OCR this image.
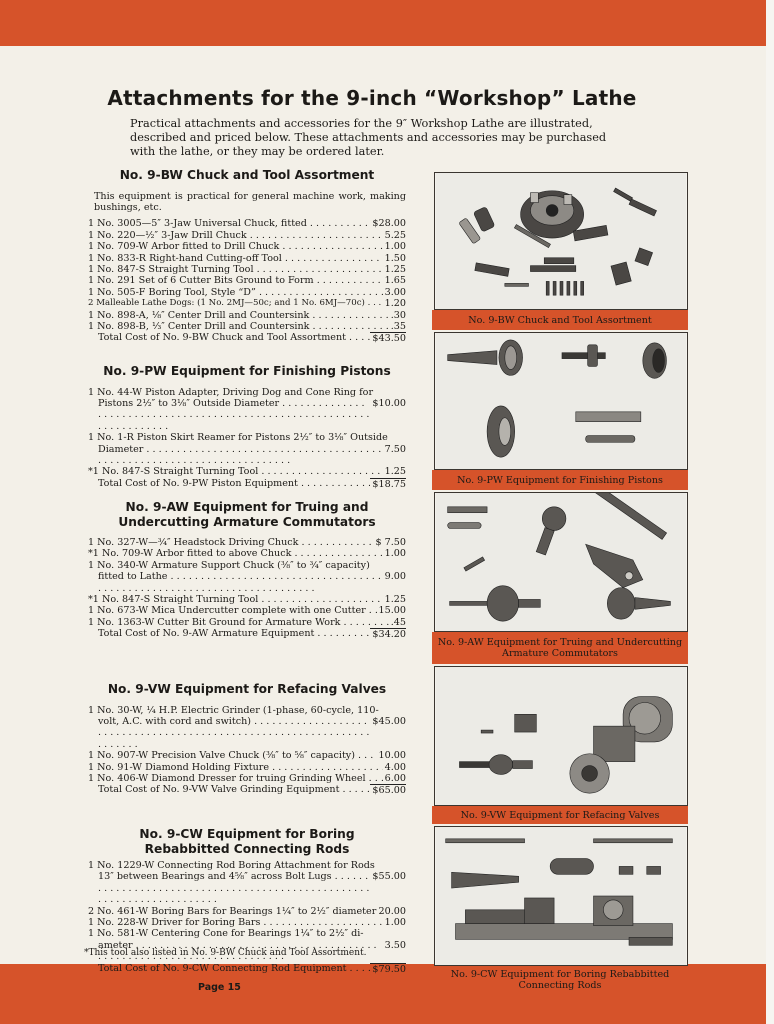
Attachments for the 9-inch “Workshop” Lathe

Practical attachments and accessories for the 9″ Workshop Lathe are illustrated, described and priced below. These attachments and accessories may be purchased with the lathe, or they may be ordered later.

No. 9-BW Chuck and Tool Assortment
This equipment is practical for general machine work, making bushings, etc.
1 No. 3005—5″ 3-Jaw Universal Chuck, fitted . . .	$28.00
1 No. 220—½″ 3-Jaw Drill Chuck . . .	5.25
1 No. 709-W Arbor fitted to Drill Chuck . . .	1.00
1 No. 833-R Right-hand Cutting-off Tool . . .	1.50
1 No. 847-S Straight Turning Tool . . .	1.25
1 No. 291 Set of 6 Cutter Bits Ground to Form . . .	1.65
1 No. 505-F Boring Tool, Style “D” . . .	3.00
2 Malleable Lathe Dogs: (1 No. 2MJ—50c; and 1 No. 6MJ—70c) . . .	1.20
1 No. 898-A, ⅛″ Center Drill and Countersink . . .	.30
1 No. 898-B, ⅓″ Center Drill and Countersink . . .	.35
Total Cost of No. 9-BW Chuck and Tool Assortment . . .	$43.50
No. 9-PW Equipment for Finishing Pistons
1 No. 44-W Piston Adapter, Driving Dog and Cone Ring for
Pistons 2½″ to 3⅛″ Outside Diameter . . .	$10.00
1 No. 1-R Piston Skirt Reamer for Pistons 2½″ to 3⅛″ Outside
Diameter . . .	7.50
*1 No. 847-S Straight Turning Tool . . .	1.25
Total Cost of No. 9-PW Piston Equipment . . .	$18.75
No. 9-AW Equipment for Truing and Undercutting Armature Commutators
1 No. 327-W—¾″ Headstock Driving Chuck . . .	$ 7.50
*1 No. 709-W Arbor fitted to above Chuck . . .	1.00
1 No. 340-W Armature Support Chuck (⅜″ to ¾″ capacity)
fitted to Lathe . . .	9.00
*1 No. 847-S Straight Turning Tool . . .	1.25
1 No. 673-W Mica Undercutter complete with one Cutter . . .	15.00
1 No. 1363-W Cutter Bit Ground for Armature Work . . .	.45
Total Cost of No. 9-AW Armature Equipment . . .	$34.20
No. 9-VW Equipment for Refacing Valves
1 No. 30-W, ¼ H.P. Electric Grinder (1-phase, 60-cycle, 110-
volt, A.C. with cord and switch) . . .	$45.00
1 No. 907-W Precision Valve Chuck (⅜″ to ⅝″ capacity) . . .	10.00
1 No. 91-W Diamond Holding Fixture . . .	4.00
1 No. 406-W Diamond Dresser for truing Grinding Wheel . . .	6.00
Total Cost of No. 9-VW Valve Grinding Equipment . . .	$65.00
No. 9-CW Equipment for Boring Rebabbitted Connecting Rods
1 No. 1229-W Connecting Rod Boring Attachment for Rods
13″ between Bearings and 4⅝″ across Bolt Lugs . . .	$55.00
2 No. 461-W Boring Bars for Bearings 1¼″ to 2½″ diameter . . . 20.00
1 No. 228-W Driver for Boring Bars . . .	1.00
1 No. 581-W Centering Cone for Bearings 1¼″ to 2½″ di-
ameter . . .	3.50
Total Cost of No. 9-CW Connecting Rod Equipment . . .	$79.50
No. 9-BW Chuck and Tool Assortment
No. 9-PW Equipment for Finishing Pistons
No. 9-AW Equipment for Truing and Undercutting Armature Commutators
No. 9-VW Equipment for Refacing Valves
No. 9-CW Equipment for Boring Rebabbitted Connecting Rods
*This tool also listed in No. 9-BW Chuck and Tool Assortment.
Page 15
